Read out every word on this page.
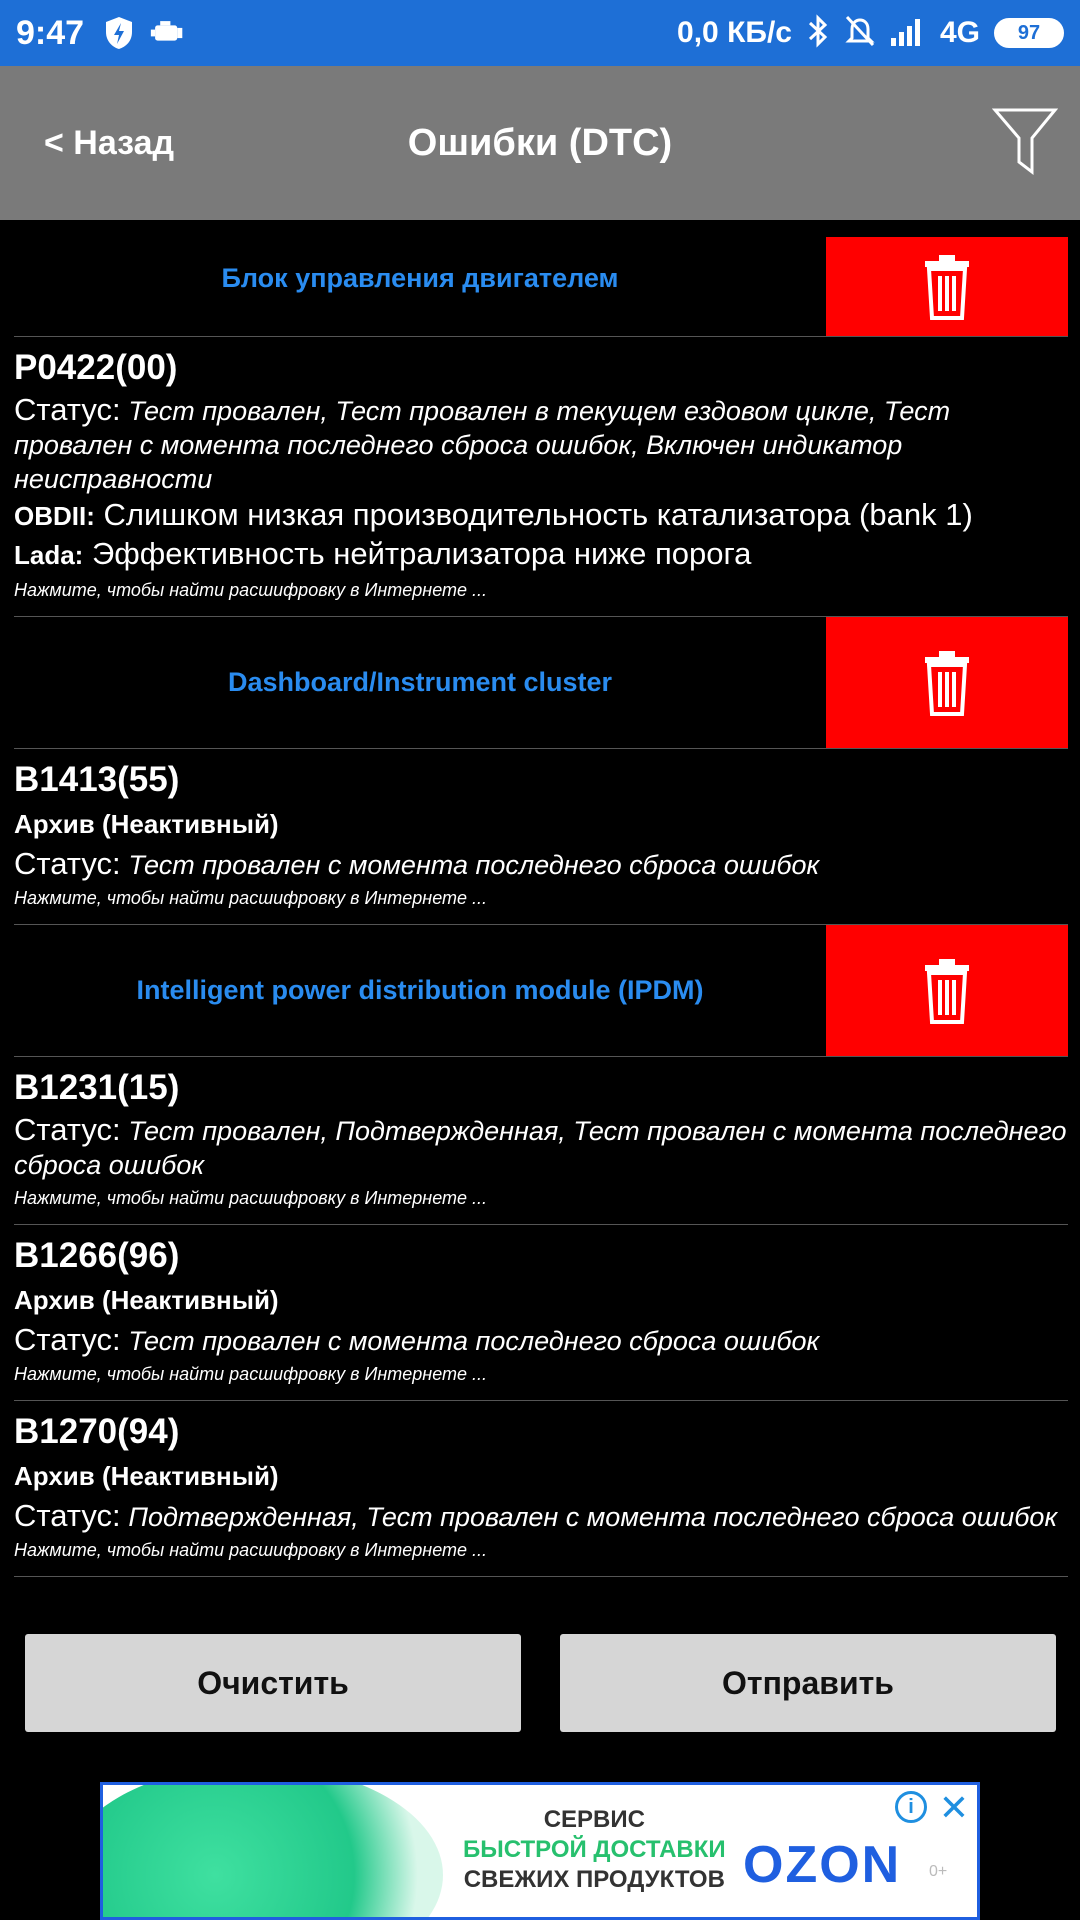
9:47	0,0 КБ/с	4G	97
< Назад	Ошибки (DTC)
Блок управления двигателем
P0422(00)
Статус: Тест провален, Тест провален в текущем ездовом цикле, Тест провален с момента последнего сброса ошибок, Включен индикатор неисправности
OBDII: Слишком низкая производительность катализатора (bank 1)
Lada: Эффективность нейтрализатора ниже порога
Нажмите, чтобы найти расшифровку в Интернете ...
Dashboard/Instrument cluster
B1413(55)
Архив (Неактивный)
Статус: Тест провален с момента последнего сброса ошибок
Нажмите, чтобы найти расшифровку в Интернете ...
Intelligent power distribution module (IPDM)
B1231(15)
Статус: Тест провален, Подтвержденная, Тест провален с момента последнего сброса ошибок
Нажмите, чтобы найти расшифровку в Интернете ...
B1266(96)
Архив (Неактивный)
Статус: Тест провален с момента последнего сброса ошибок
Нажмите, чтобы найти расшифровку в Интернете ...
B1270(94)
Архив (Неактивный)
Статус: Подтвержденная, Тест провален с момента последнего сброса ошибок
Нажмите, чтобы найти расшифровку в Интернете ...
Очистить	Отправить
СЕРВИС
БЫСТРОЙ ДОСТАВКИ
СВЕЖИХ ПРОДУКТОВ OZON 0+
i ✕
